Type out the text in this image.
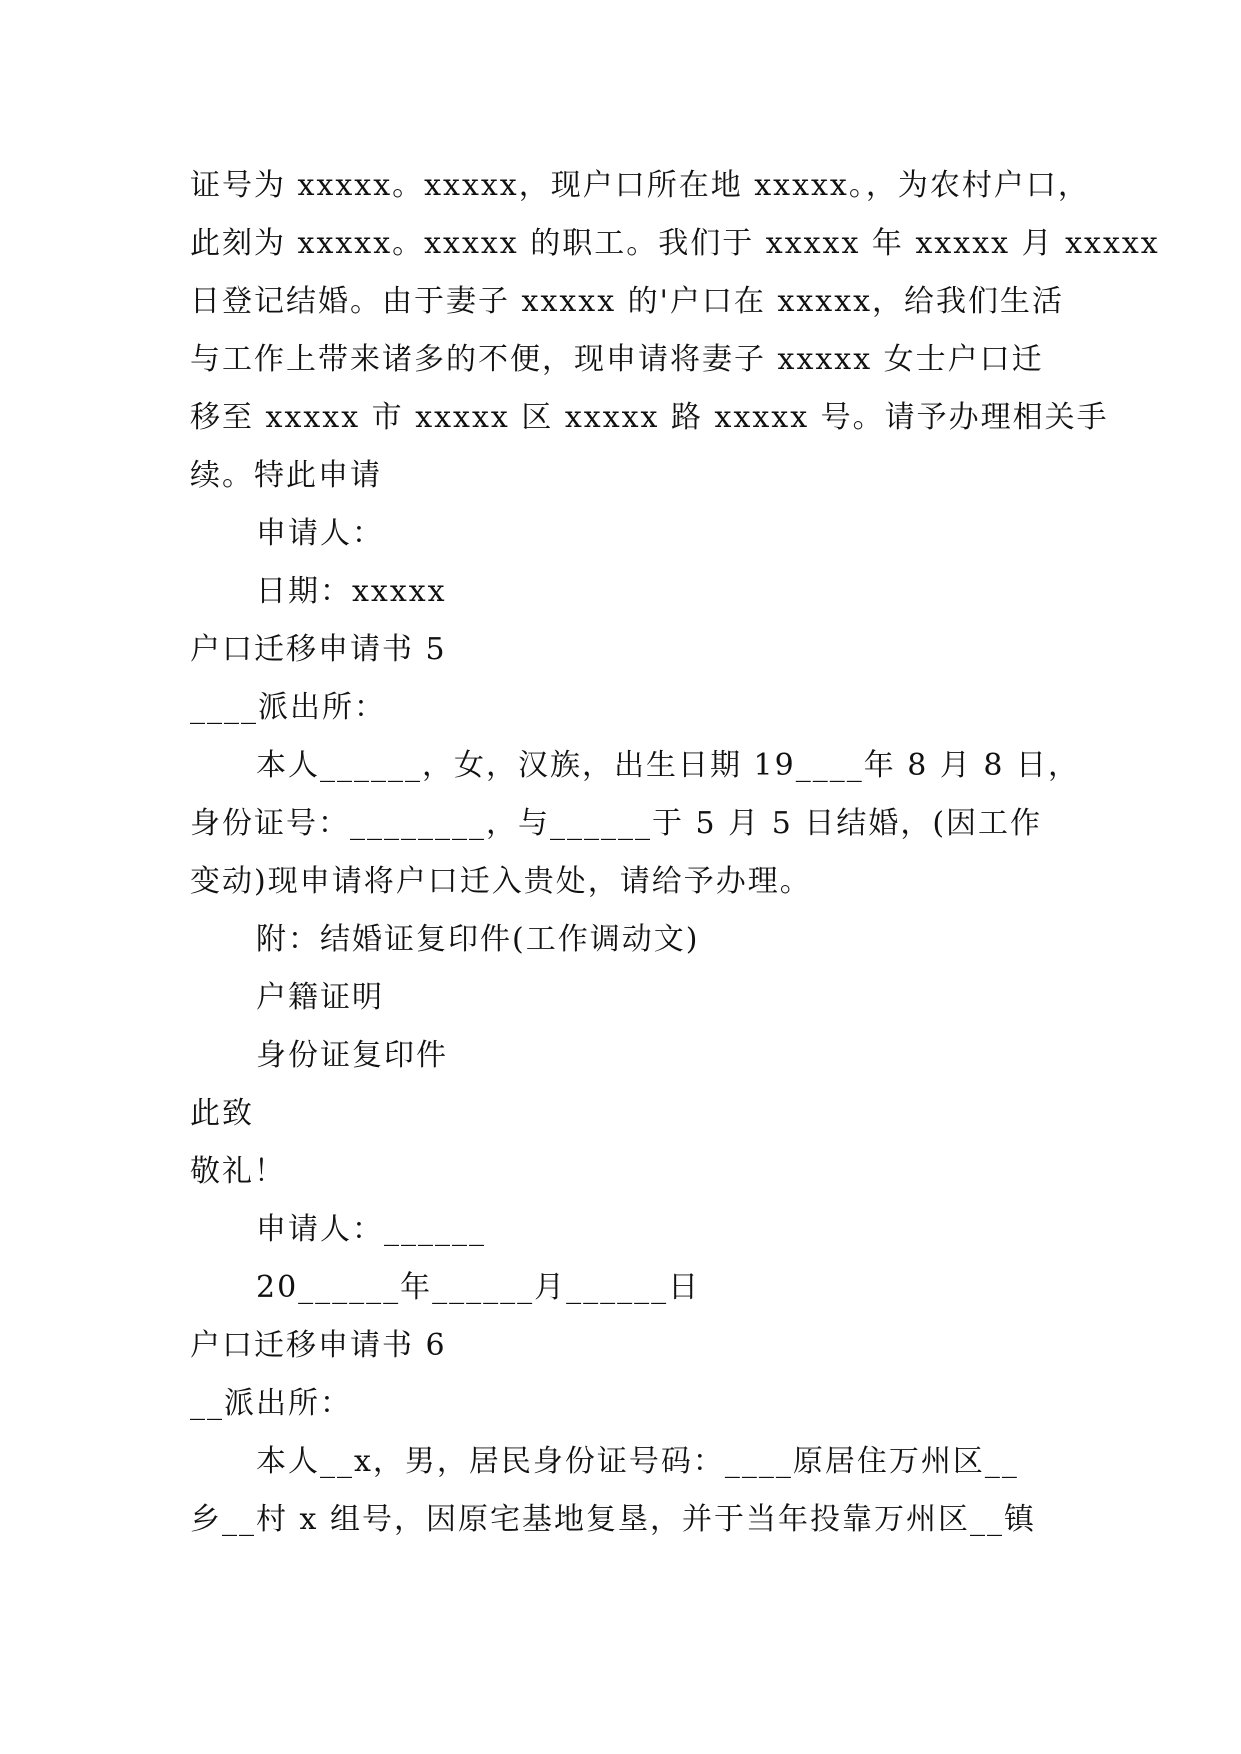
证号为 xxxxx。xxxxx，现户口所在地 xxxxx。，为农村户口，
此刻为 xxxxx。xxxxx 的职工。我们于 xxxxx 年 xxxxx 月 xxxxx
日登记结婚。由于妻子 xxxxx 的'户口在 xxxxx，给我们生活
与工作上带来诸多的不便，现申请将妻子 xxxxx 女士户口迁
移至 xxxxx 市 xxxxx 区 xxxxx 路 xxxxx 号。请予办理相关手
续。特此申请
申请人：
日期：xxxxx
户口迁移申请书 5
____派出所：
本人______，女，汉族，出生日期 19____年 8 月 8 日，
身份证号：________，与______于 5 月 5 日结婚，(因工作
变动)现申请将户口迁入贵处，请给予办理。
附：结婚证复印件(工作调动文)
户籍证明
身份证复印件
此致
敬礼！
申请人：______
20______年______月______日
户口迁移申请书 6
__派出所：
本人__x，男，居民身份证号码：____原居住万州区__
乡__村 x 组号，因原宅基地复垦，并于当年投靠万州区__镇
